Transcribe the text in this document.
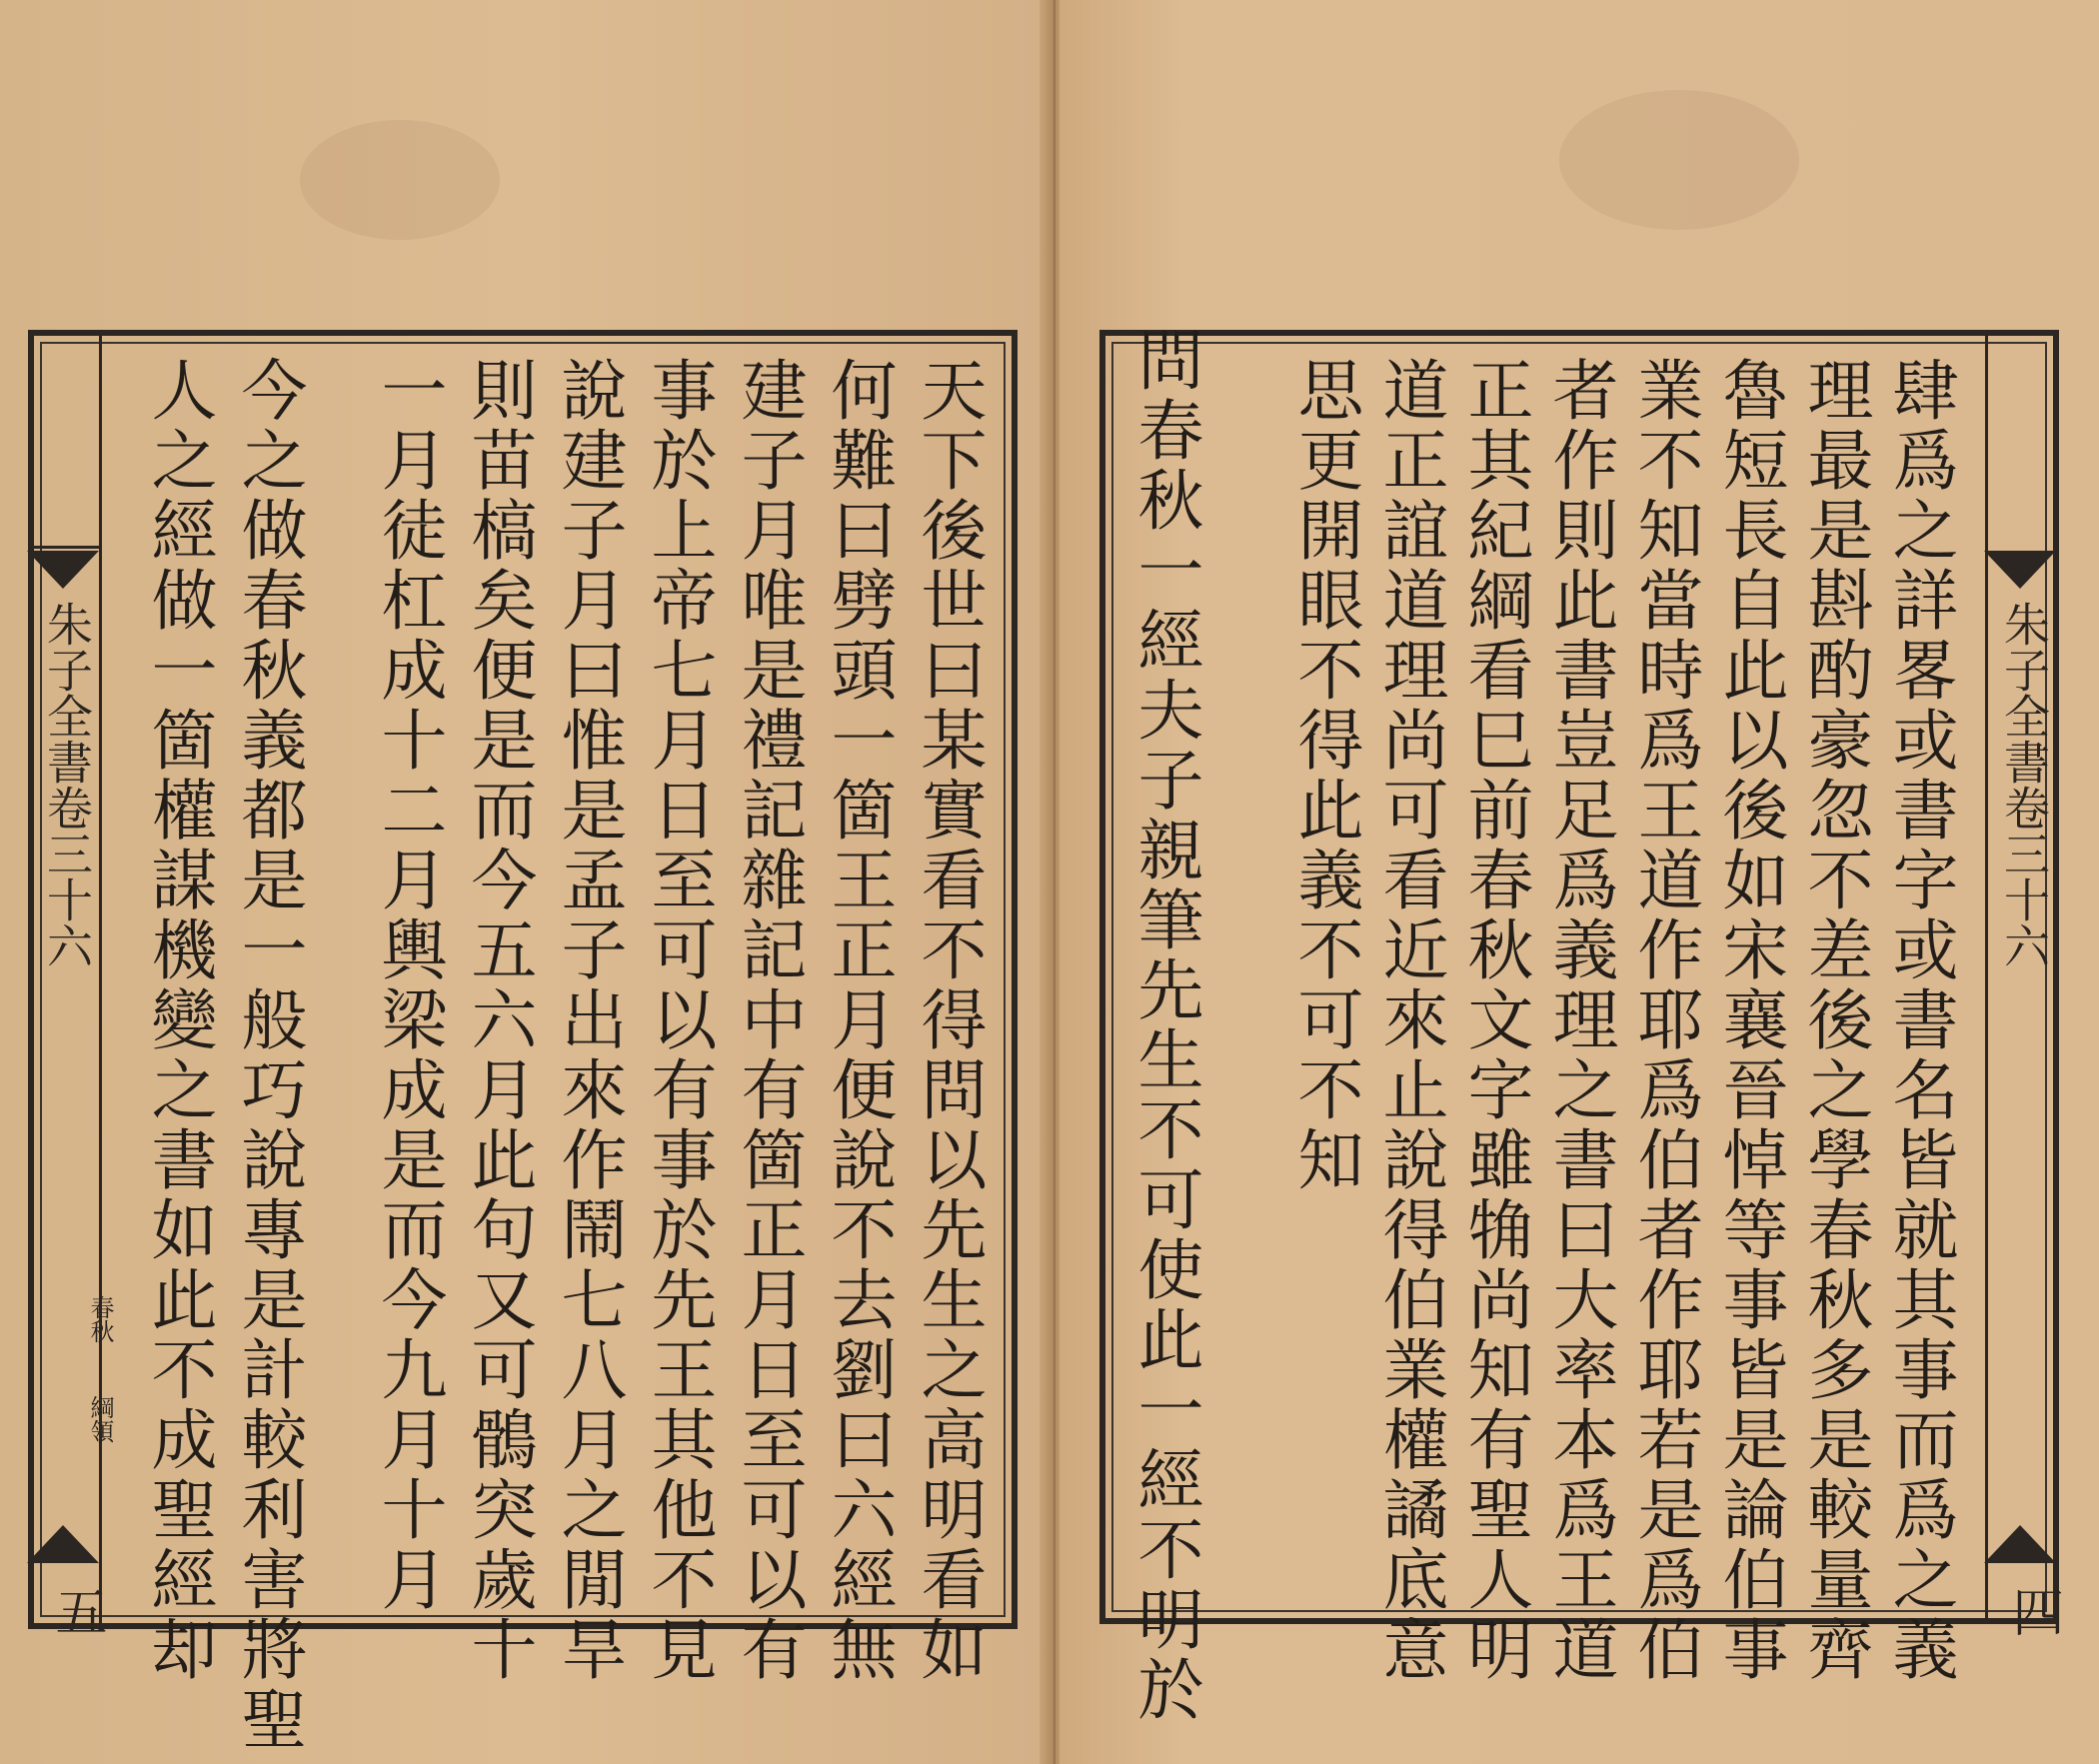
朱子全書卷三十六
春秋
綱領
五	天下後世曰某實看不得問以先生之高明看如
何難曰劈頭一箇王正月便說不去劉曰六經無
建子月唯是禮記雜記中有箇正月日至可以有
事於上帝七月日至可以有事於先王其他不見
說建子月曰惟是孟子出來作鬧七八月之閒旱
則苗槁矣便是而今五六月此句又可鶻突歲十
一月徒杠成十二月輿梁成是而今九月十月
今之做春秋義都是一般巧說專是計較利害將聖
人之經做一箇權謀機變之書如此不成聖經却	朱子全書卷三十六
四
肆爲之詳畧或書字或書名皆就其事而爲之義
理最是斟酌豪忽不差後之學春秋多是較量齊
魯短長自此以後如宋襄晉悼等事皆是論伯事
業不知當時爲王道作耶爲伯者作耶若是爲伯
者作則此書豈足爲義理之書曰大率本爲王道
正其紀綱看巳前春秋文字雖觕尚知有聖人明
道正誼道理尚可看近來止說得伯業權譎底意
思更開眼不得此義不可不知
問春秋一經夫子親筆先生不可使此一經不明於
